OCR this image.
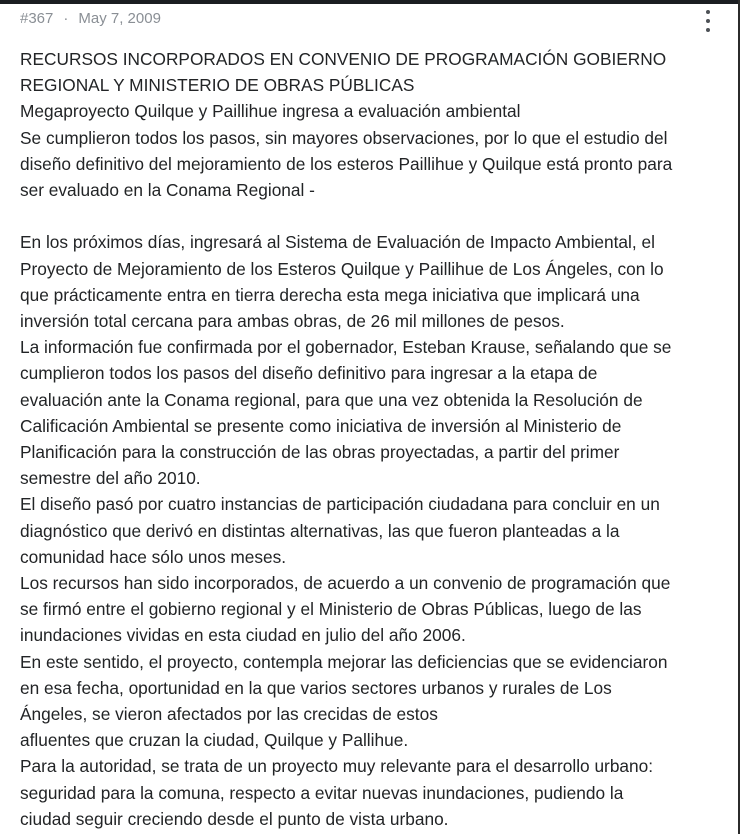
#367 · May 7, 2009

RECURSOS INCORPORADOS EN CONVENIO DE PROGRAMACIÓN GOBIERNO
REGIONAL Y MINISTERIO DE OBRAS PÚBLICAS
Megaproyecto Quilque y Paillihue ingresa a evaluación ambiental
Se cumplieron todos los pasos, sin mayores observaciones, por lo que el estudio del
diseño definitivo del mejoramiento de los esteros Paillihue y Quilque está pronto para
ser evaluado en la Conama Regional -

En los próximos días, ingresará al Sistema de Evaluación de Impacto Ambiental, el
Proyecto de Mejoramiento de los Esteros Quilque y Paillihue de Los Ángeles, con lo
que prácticamente entra en tierra derecha esta mega iniciativa que implicará una
inversión total cercana para ambas obras, de 26 mil millones de pesos.
La información fue confirmada por el gobernador, Esteban Krause, señalando que se
cumplieron todos los pasos del diseño definitivo para ingresar a la etapa de
evaluación ante la Conama regional, para que una vez obtenida la Resolución de
Calificación Ambiental se presente como iniciativa de inversión al Ministerio de
Planificación para la construcción de las obras proyectadas, a partir del primer
semestre del año 2010.
El diseño pasó por cuatro instancias de participación ciudadana para concluir en un
diagnóstico que derivó en distintas alternativas, las que fueron planteadas a la
comunidad hace sólo unos meses.
Los recursos han sido incorporados, de acuerdo a un convenio de programación que
se firmó entre el gobierno regional y el Ministerio de Obras Públicas, luego de las
inundaciones vividas en esta ciudad en julio del año 2006.
En este sentido, el proyecto, contempla mejorar las deficiencias que se evidenciaron
en esa fecha, oportunidad en la que varios sectores urbanos y rurales de Los
Ángeles, se vieron afectados por las crecidas de estos
afluentes que cruzan la ciudad, Quilque y Pallihue.
Para la autoridad, se trata de un proyecto muy relevante para el desarrollo urbano:
seguridad para la comuna, respecto a evitar nuevas inundaciones, pudiendo la
ciudad seguir creciendo desde el punto de vista urbano.
